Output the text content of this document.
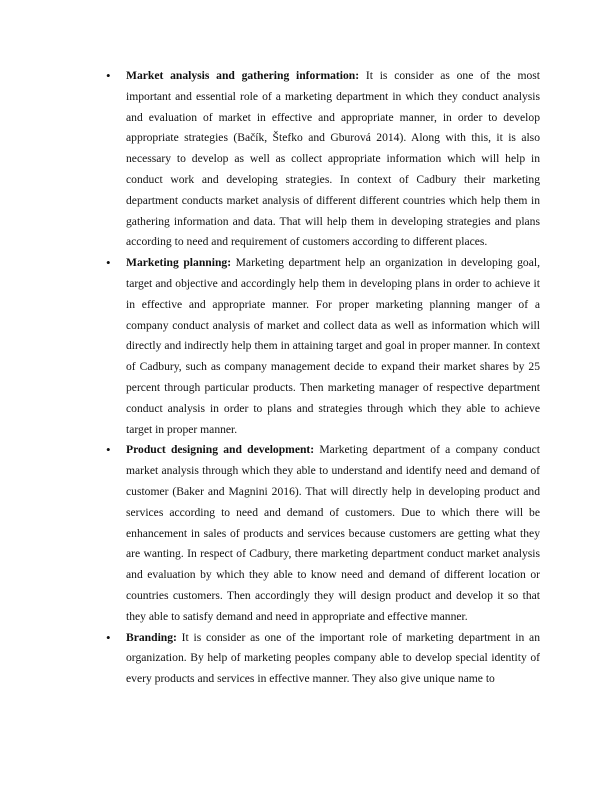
• Market analysis and gathering information: It is consider as one of the most important and essential role of a marketing department in which they conduct analysis and evaluation of market in effective and appropriate manner, in order to develop appropriate strategies (Bačík, Štefko and Gburová 2014). Along with this, it is also necessary to develop as well as collect appropriate information which will help in conduct work and developing strategies. In context of Cadbury their marketing department conducts market analysis of different different countries which help them in gathering information and data. That will help them in developing strategies and plans according to need and requirement of customers according to different places.
• Marketing planning: Marketing department help an organization in developing goal, target and objective and accordingly help them in developing plans in order to achieve it in effective and appropriate manner. For proper marketing planning manger of a company conduct analysis of market and collect data as well as information which will directly and indirectly help them in attaining target and goal in proper manner. In context of Cadbury, such as company management decide to expand their market shares by 25 percent through particular products. Then marketing manager of respective department conduct analysis in order to plans and strategies through which they able to achieve target in proper manner.
• Product designing and development: Marketing department of a company conduct market analysis through which they able to understand and identify need and demand of customer (Baker and Magnini 2016). That will directly help in developing product and services according to need and demand of customers. Due to which there will be enhancement in sales of products and services because customers are getting what they are wanting. In respect of Cadbury, there marketing department conduct market analysis and evaluation by which they able to know need and demand of different location or countries customers. Then accordingly they will design product and develop it so that they able to satisfy demand and need in appropriate and effective manner.
• Branding: It is consider as one of the important role of marketing department in an organization. By help of marketing peoples company able to develop special identity of every products and services in effective manner. They also give unique name to
